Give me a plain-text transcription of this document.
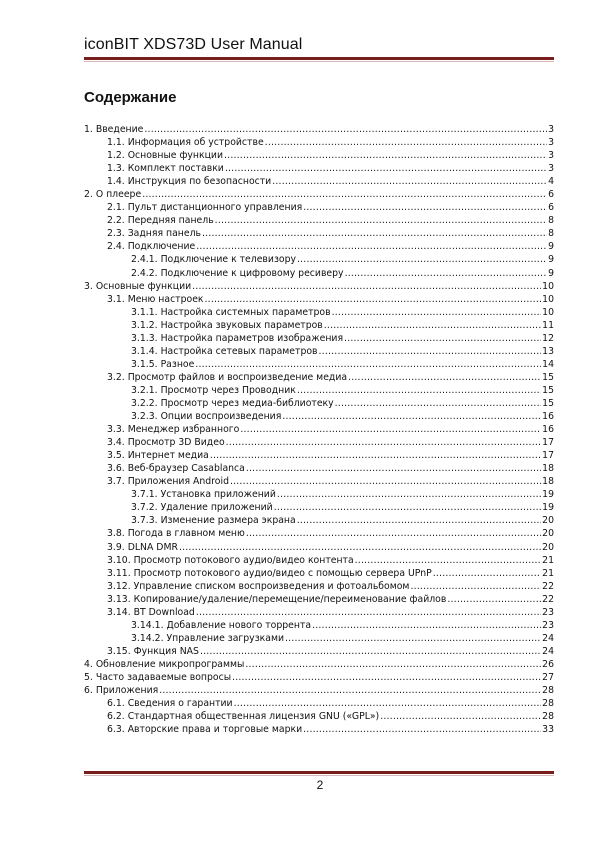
iconBIT XDS73D User Manual
Содержание
1. Введение .....	3
1.1. Информация об устройстве .....	3
1.2. Основные функции .....	3
1.3. Комплект поставки .....	3
1.4. Инструкция по безопасности .....	4
2. О плеере .....	6
2.1. Пульт дистанционного управления .....	6
2.2. Передняя панель .....	8
2.3. Задняя панель .....	8
2.4. Подключение .....	9
2.4.1. Подключение к телевизору .....	9
2.4.2. Подключение к цифровому ресиверу .....	9
3. Основные функции .....	10
3.1. Меню настроек .....	10
3.1.1. Настройка системных параметров .....	10
3.1.2. Настройка звуковых параметров .....	11
3.1.3. Настройка параметров изображения .....	12
3.1.4. Настройка сетевых параметров .....	13
3.1.5. Разное .....	14
3.2. Просмотр файлов и воспроизведение медиа .....	15
3.2.1. Просмотр через Проводник .....	15
3.2.2. Просмотр через медиа-библиотеку .....	15
3.2.3. Опции воспроизведения .....	16
3.3. Менеджер избранного .....	16
3.4. Просмотр 3D Видео .....	17
3.5. Интернет медиа .....	17
3.6. Веб-браузер Casablanca .....	18
3.7. Приложения Android .....	18
3.7.1. Установка приложений .....	19
3.7.2. Удаление приложений .....	19
3.7.3. Изменение размера экрана .....	20
3.8. Погода в главном меню .....	20
3.9. DLNA DMR .....	20
3.10. Просмотр потокового аудио/видео контента .....	21
3.11. Просмотр потокового аудио/видео с помощью сервера UPnP .....	21
3.12. Управление списком воспроизведения и фотоальбомом .....	22
3.13. Копирование/удаление/перемещение/переименование файлов .....	22
3.14. BT Download .....	23
3.14.1. Добавление нового торрента .....	23
3.14.2. Управление загрузками .....	24
3.15. Функция NAS .....	24
4. Обновление микропрограммы .....	26
5. Часто задаваемые вопросы .....	27
6. Приложения .....	28
6.1. Сведения о гарантии .....	28
6.2. Стандартная общественная лицензия GNU («GPL») .....	28
6.3. Авторские права и торговые марки .....	33
2
